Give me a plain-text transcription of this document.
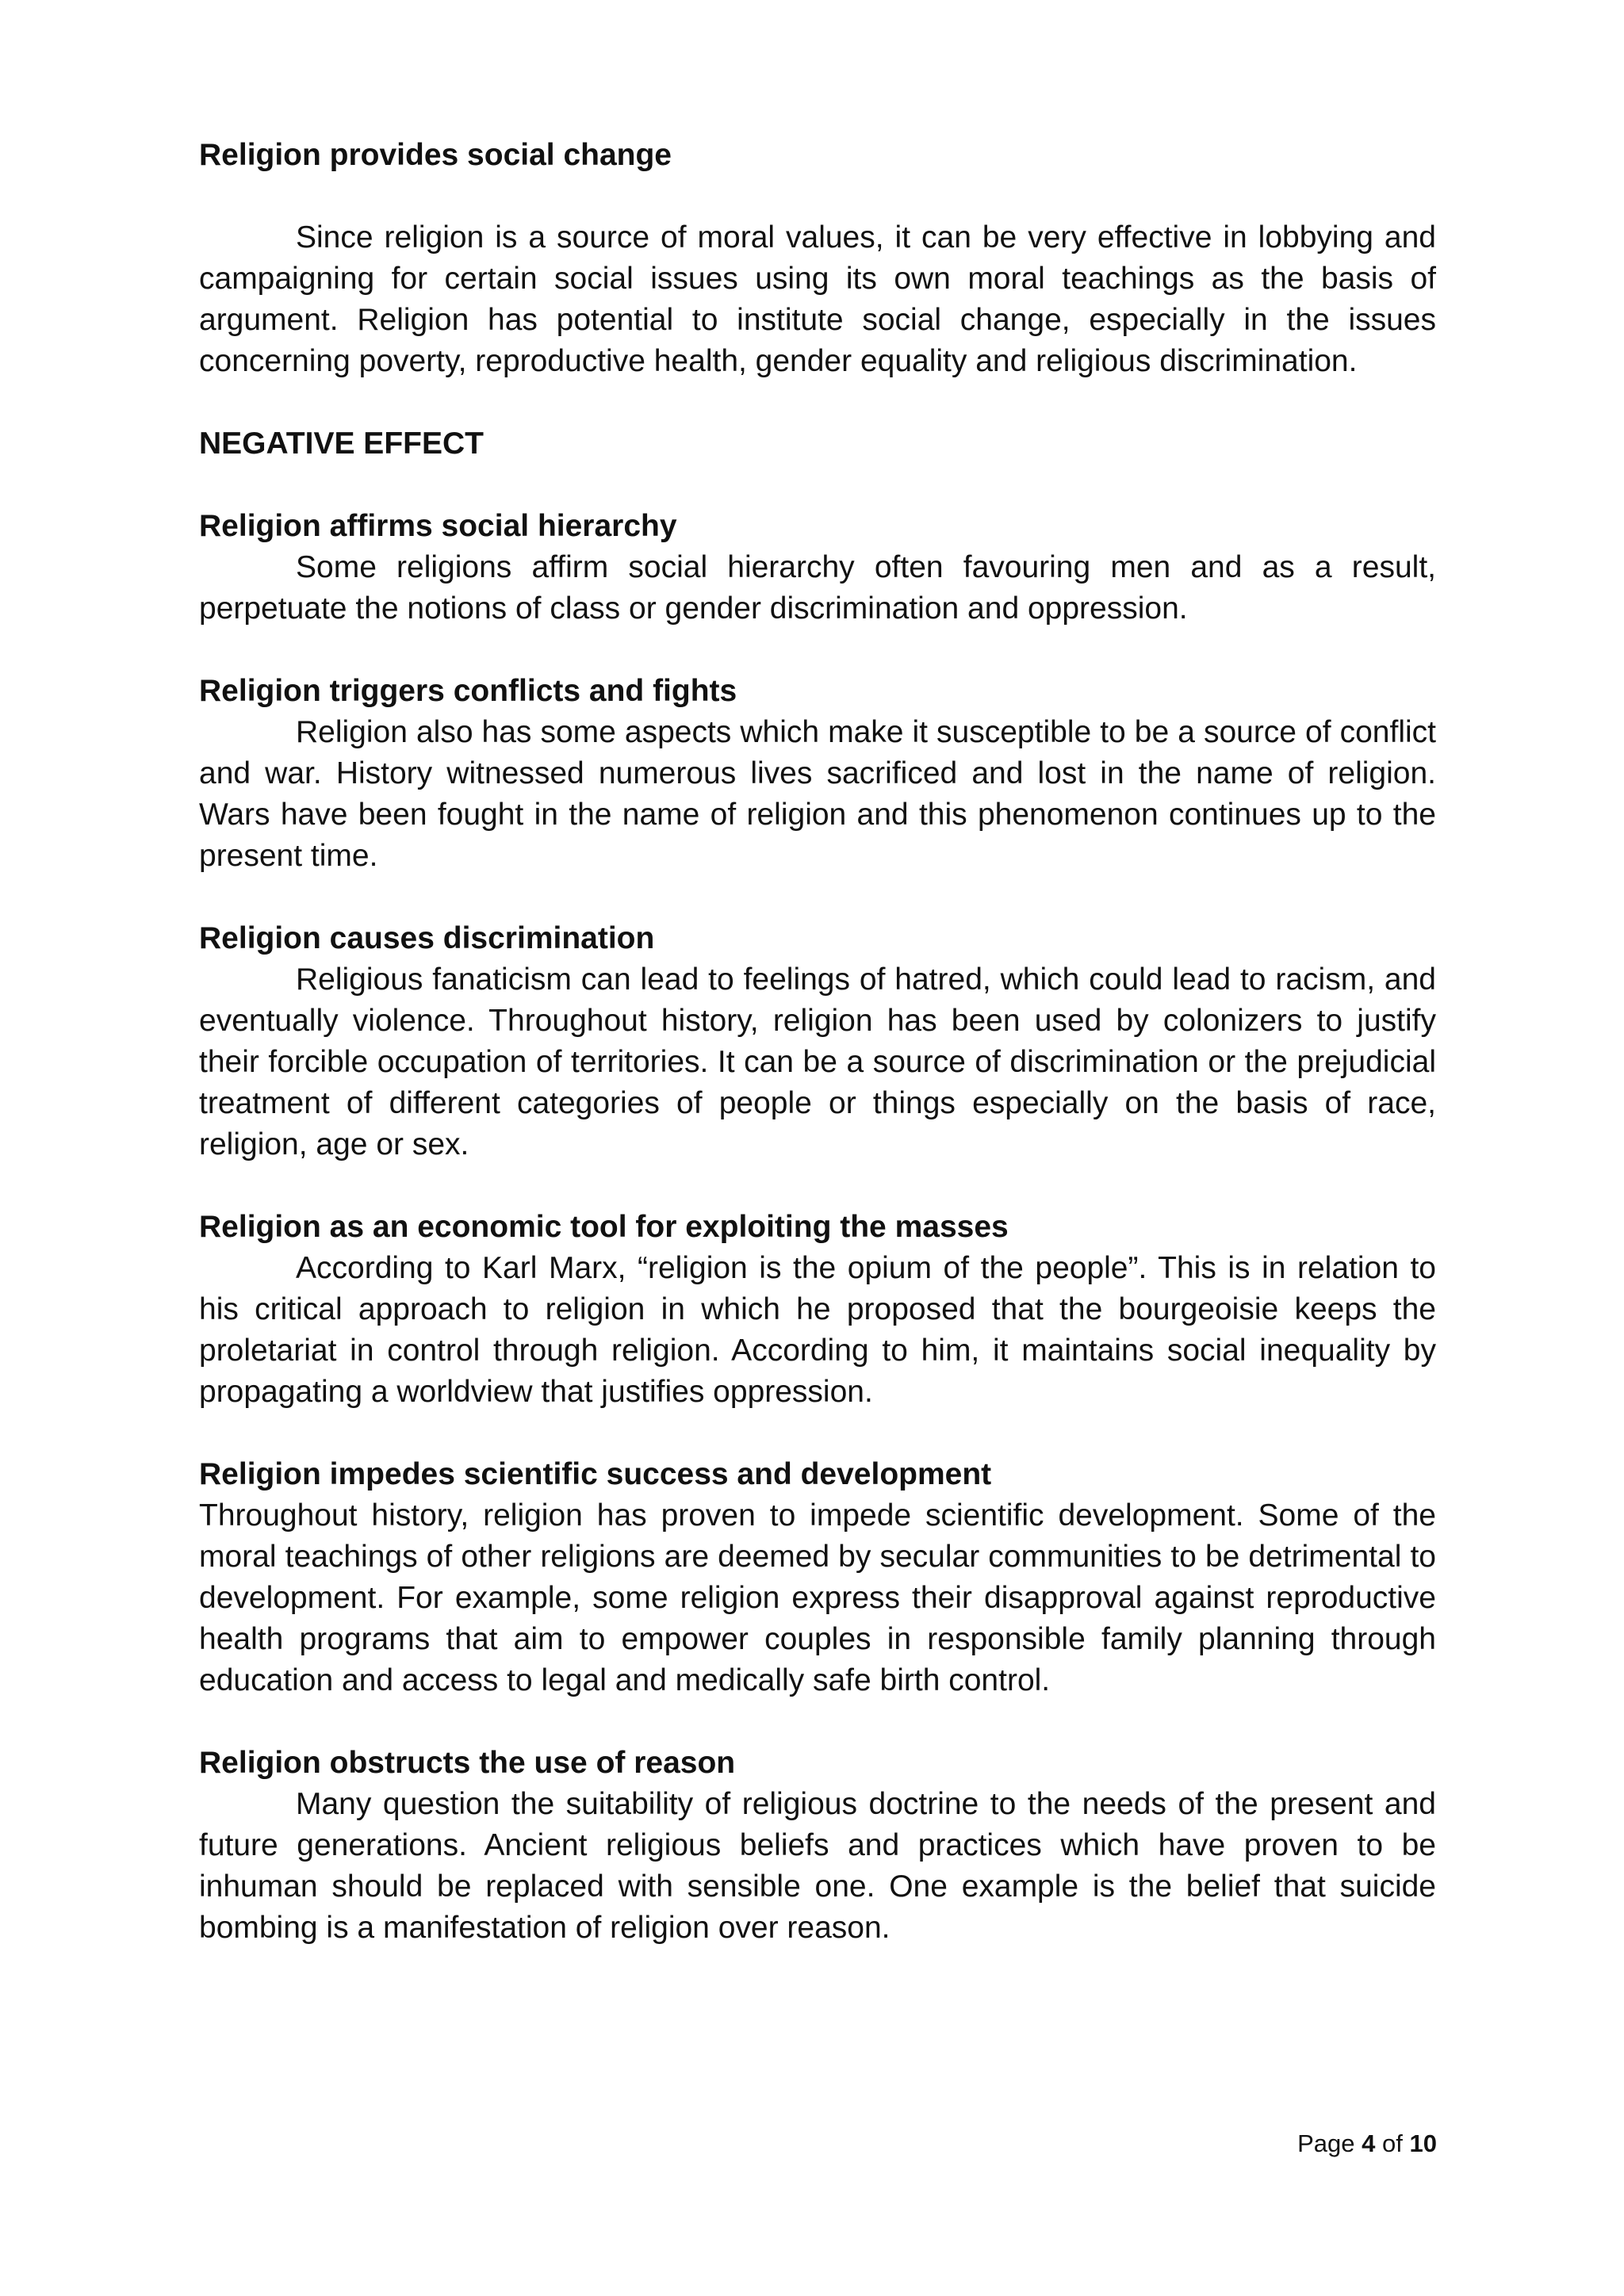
Religion provides social change

Since religion is a source of moral values, it can be very effective in lobbying and campaigning for certain social issues using its own moral teachings as the basis of argument. Religion has potential to institute social change, especially in the issues concerning poverty, reproductive health, gender equality and religious discrimination.

NEGATIVE EFFECT

Religion affirms social hierarchy

Some religions affirm social hierarchy often favouring men and as a result, perpetuate the notions of class or gender discrimination and oppression.

Religion triggers conflicts and fights

Religion also has some aspects which make it susceptible to be a source of conflict and war. History witnessed numerous lives sacrificed and lost in the name of religion. Wars have been fought in the name of religion and this phenomenon continues up to the present time.

Religion causes discrimination

Religious fanaticism can lead to feelings of hatred, which could lead to racism, and eventually violence. Throughout history, religion has been used by colonizers to justify their forcible occupation of territories. It can be a source of discrimination or the prejudicial treatment of different categories of people or things especially on the basis of race, religion, age or sex.

Religion as an economic tool for exploiting the masses

According to Karl Marx, “religion is the opium of the people”. This is in relation to his critical approach to religion in which he proposed that the bourgeoisie keeps the proletariat in control through religion. According to him, it maintains social inequality by propagating a worldview that justifies oppression.

Religion impedes scientific success and development

Throughout history, religion has proven to impede scientific development. Some of the moral teachings of other religions are deemed by secular communities to be detrimental to development. For example, some religion express their disapproval against reproductive health programs that aim to empower couples in responsible family planning through education and access to legal and medically safe birth control.

Religion obstructs the use of reason

Many question the suitability of religious doctrine to the needs of the present and future generations. Ancient religious beliefs and practices which have proven to be inhuman should be replaced with sensible one. One example is the belief that suicide bombing is a manifestation of religion over reason.

Page 4 of 10
